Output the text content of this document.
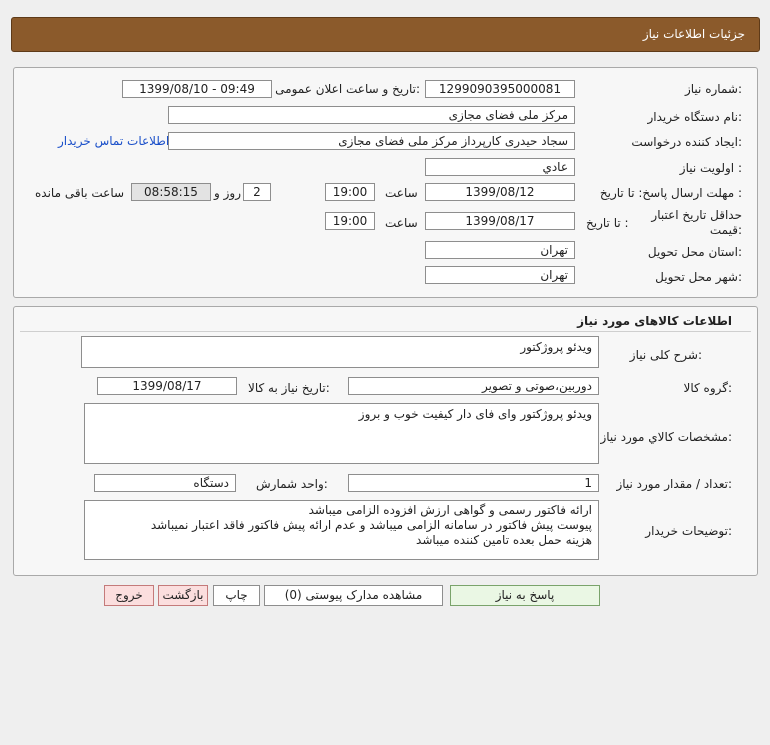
جزئیات اطلاعات نیاز
شماره نیاز:
1299090395000081
تاریخ و ساعت اعلان عمومی:
1399/08/10 - 09:49
نام دستگاه خریدار:
مرکز ملی فضای مجازی
ایجاد کننده درخواست:
سجاد حیدری کارپرداز مرکز ملی فضای مجازی
اطلاعات تماس خریدار
اولویت نیاز :
عادي
مهلت ارسال پاسخ: تا تاریخ :
1399/08/12
ساعت
19:00
2
روز و
08:58:15
ساعت باقی مانده
حداقل تاریخ اعتبار قیمت:
تا تاریخ :
1399/08/17
ساعت
19:00
استان محل تحویل:
تهران
شهر محل تحویل:
تهران
اطلاعات کالاهای مورد نیاز
شرح کلی نیاز:
ویدئو پروژکتور
گروه کالا:
دوربین،صوتی و تصویر
تاریخ نیاز به کالا:
1399/08/17
مشخصات کالاي مورد نياز:
ویدئو پروژکتور وای فای دار کیفیت خوب و بروز
تعداد / مقدار مورد نیاز:
1
واحد شمارش:
دستگاه
توضیحات خریدار:
ارائه فاکتور رسمی و گواهی ارزش افزوده الزامی میباشد
پیوست پیش فاکتور در سامانه الزامی میباشد و عدم ارائه پیش فاکتور فاقد اعتبار نمیباشد
هزینه حمل بعده تامین کننده میباشد
پاسخ به نیاز
مشاهده مدارک پیوستی (0)
چاپ
بازگشت
خروج
